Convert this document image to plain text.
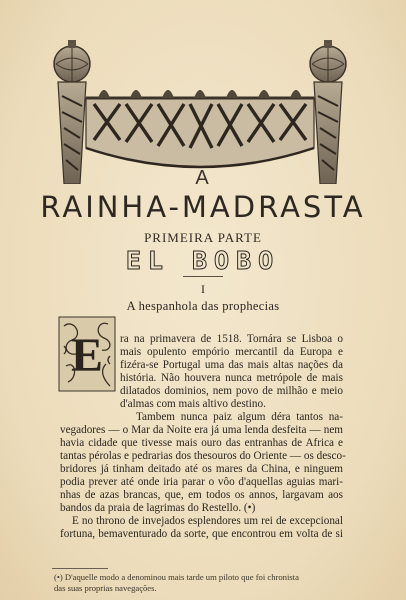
A
RAINHA-MADRASTA
PRIMEIRA PARTE
EL BOBO
I
A hespanhola das prophecias
E ra na primavera de 1518. Tornára se Lisboa o
mais opulento empório mercantil da Europa e
fizéra-se Portugal uma das mais altas nações da
história. Não houvera nunca metrópole de mais
dilatados dominios, nem povo de milhão e meio
d'almas com mais altivo destino.
Tambem nunca paiz algum déra tantos na-
vegadores — o Mar da Noite era já uma lenda desfeita — nem
havia cidade que tivesse mais ouro das entranhas de Africa e
tantas pérolas e pedrarias dos thesouros do Oriente — os desco-
bridores já tinham deitado até os mares da China, e ninguem
podia prever até onde iria parar o vôo d'aquellas aguias mari-
nhas de azas brancas, que, em todos os annos, largavam aos
bandos da praia de lagrimas do Restello. (•)
E no throno de invejados esplendores um rei de excepcional
fortuna, bemaventurado da sorte, que encontrou em volta de si
(•) D'aquelle modo a denominou mais tarde um piloto que foi chronista
das suas proprias navegações.
